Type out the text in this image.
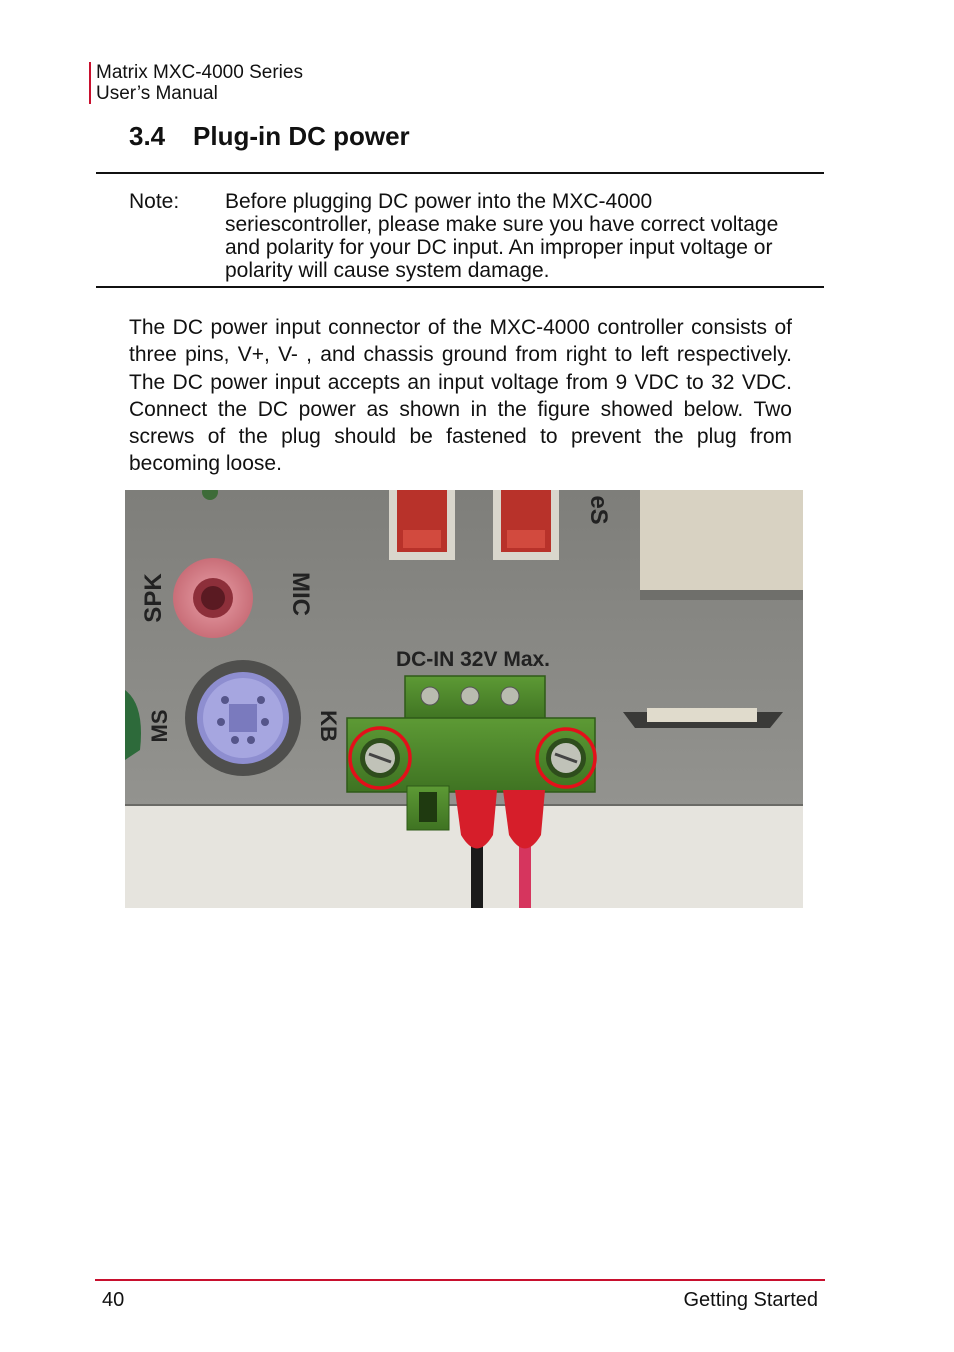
Matrix MXC-4000 Series
User’s Manual
3.4 Plug-in DC power
Note: Before plugging DC power into the MXC-4000 seriescontroller, please make sure you have correct voltage and polarity for your DC input. An improper input voltage or polarity will cause system damage.

The DC power input connector of the MXC-4000 controller consists of three pins, V+, V- , and chassis ground from right to left respectively. The DC power input accepts an input voltage from 9 VDC to 32 VDC. Connect the DC power as shown in the figure showed below. Two screws of the plug should be fastened to prevent the plug from becoming loose.

SPK	MIC
MS	KB
eS
DC-IN 32V Max.
40	Getting Started
